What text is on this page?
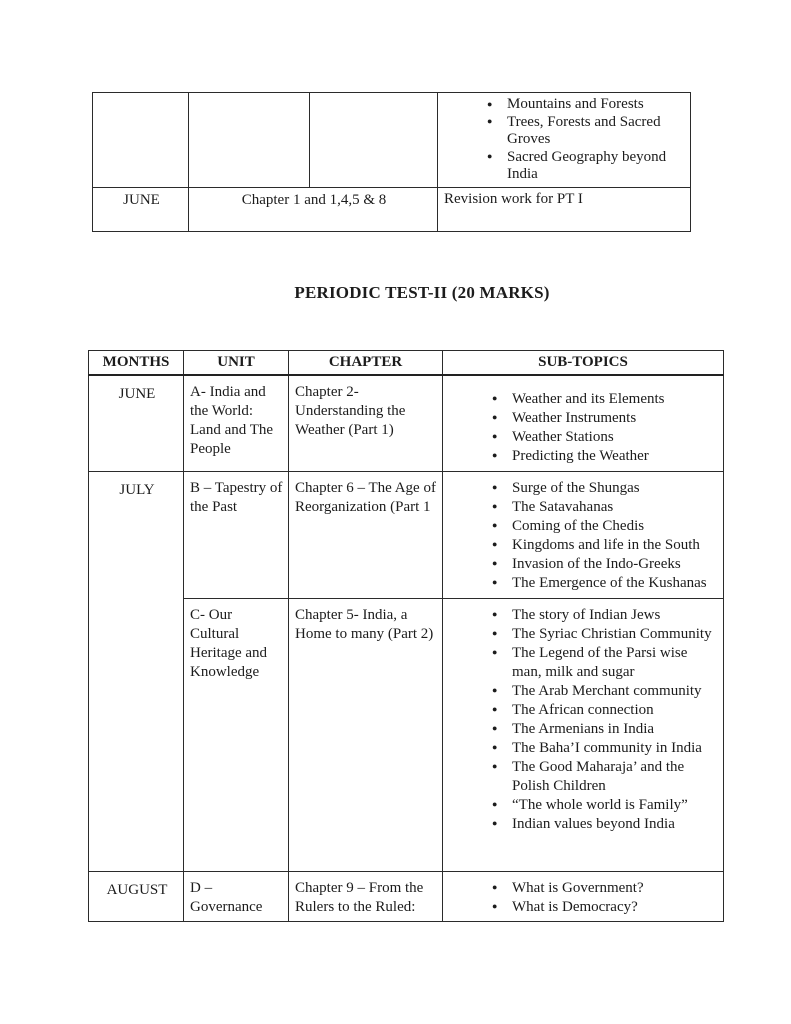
● Mountains and Forests
● Trees, Forests and Sacred Groves
● Sacred Geography beyond India

JUNE	Chapter 1 and 1,4,5 & 8		Revision work for PT I
PERIODIC TEST-II (20 MARKS)
MONTHS	UNIT	CHAPTER	SUB-TOPICS
JUNE	A- India and the World: Land and The People	Chapter 2- Understanding the Weather (Part 1)	
● Weather and its Elements
● Weather Instruments
● Weather Stations
● Predicting the Weather

JULY	B – Tapestry of the Past	Chapter 6 – The Age of Reorganization (Part 1	
● Surge of the Shungas
● The Satavahanas
● Coming of the Chedis
● Kingdoms and life in the South
● Invasion of the Indo-Greeks
● The Emergence of the Kushanas

C- Our Cultural Heritage and Knowledge	Chapter 5- India, a Home to many (Part 2)	
● The story of Indian Jews
● The Syriac Christian Community
● The Legend of the Parsi wise man, milk and sugar
● The Arab Merchant community
● The African connection
● The Armenians in India
● The Baha’I community in India
● The Good Maharaja’ and the Polish Children
● “The whole world is Family”
● Indian values beyond India

AUGUST	D – Governance	Chapter 9 – From the Rulers to the Ruled:	
● What is Government?
● What is Democracy?
